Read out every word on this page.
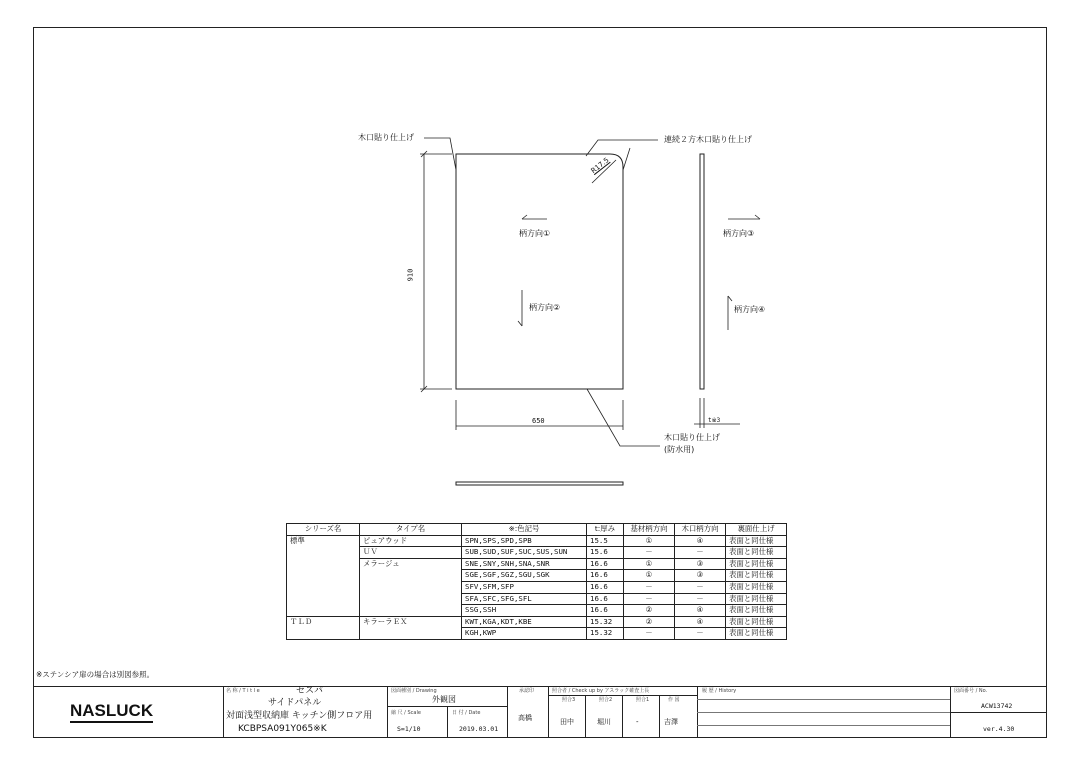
木口貼り仕上げ	連続２方木口貼り仕上げ
R17.5
柄方向①
柄方向②
柄方向③
柄方向④
910
650	t※3
木口貼り仕上げ
(防水用)
シリーズ名	タイプ名	※:色記号	t:厚み	基材柄方向	木口柄方向	裏面仕上げ
標準	ピュアウッド	SPN,SPS,SPD,SPB	15.5	①	④	表面と同仕様
	ＵＶ	SUB,SUD,SUF,SUC,SUS,SUN	15.6	－	－	表面と同仕様
	メラージュ	SNE,SNY,SNH,SNA,SNR	16.6	①	③	表面と同仕様
		SGE,SGF,SGZ,SGU,SGK	16.6	①	③	表面と同仕様
		SFV,SFM,SFP	16.6	－	－	表面と同仕様
		SFA,SFC,SFG,SFL	16.6	－	－	表面と同仕様
		SSG,SSH	16.6	②	④	表面と同仕様
ＴＬＤ	キラーラＥＸ	KWT,KGA,KDT,KBE	15.32	②	④	表面と同仕様
		KGH,KWP	15.32	－	－	表面と同仕様
※ステンシア扉の場合は別図参照。
NASLUCK
名 称 / T i t l e	セスパ
サイドパネル
対面浅型収納庫 キッチン側フロア用
KCBPSA091Y065※K
図面種別 / Drawing
外観図
縮 尺 / Scale
S=1/10
日 付 / Date
2019.03.01
承認印
高橋
照合者 / Check up by アスラック確査上長
照合3	照合2	照合1	作 図
田中	堀川	-	吉澤
履 歴 / History	図面番号 / No.
ACW13742
ver.4.30
